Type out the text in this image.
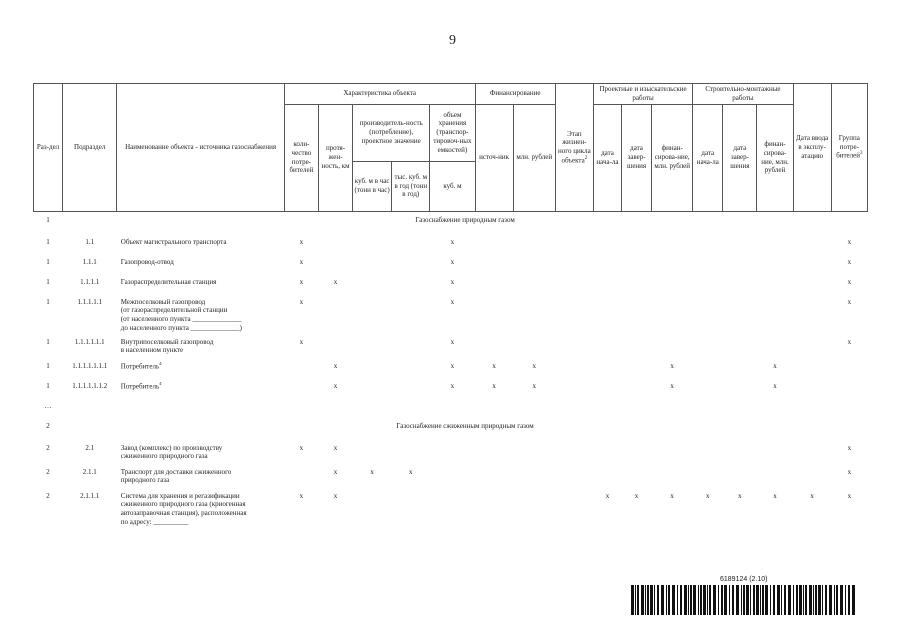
9
Раз-дел	Подраздел	Наименование объекта - источника газоснабжения	Характеристика объекта					Финансирование		Этап жизнен-ного цикла объекта$^2$	Проектные и изыскательские работы			Строительно-монтажные работы			Дата ввода в эксплу-атацию	Группа потре-бителей$^3$
			коли-чество потре-бителей	протя-жен-ность, км	производитель-ность (потребление), проектное значение		объем хранения (транспор-тировоч-ных емкостей)	источ-ник	млн. рублей		дата нача-ла	дата завер-шения	финан-сирова-ние, млн. рублей	дата нача-ла	дата завер-шения	финан-сирова-ние, млн. рублей		

					куб. м в час (тонн в час)	тыс. куб. м в год (тонн в год)	куб. м											

1	Газоснабжение природным газом																	
1	1.1	Объект магистрального транспорта	x				x											x
1	1.1.1	Газопровод-отвод	x				x											x
1	1.1.1.1	Газораспределительная станция	x	x			x											x
1	1.1.1.1.1	Межпоселковый газопровод
(от газораспределительной станции
(от населенного пункта ______________
до населенного пункта ______________)	x				x											x
1	1.1.1.1.1.1	Внутрипоселковый газопровод
в населенном пункте	x				x											x
1	1.1.1.1.1.1.1	Потребитель$^4$		x			x	x	x				x			x		
1	1.1.1.1.1.1.2	Потребитель$^4$		x			x	x	x				x			x		
…																		
2	Газоснабжение сжиженным природным газом																	
2	2.1	Завод (комплекс) по производству
сжиженного природного газа	x	x														x
2	2.1.1	Транспорт для доставки сжиженного
природного газа		x	x	x												x
2	2.1.1.1	Система для хранения и регазификации
сжиженного природного газа (криогенная
автозаправочная станция), расположенная
по адресу: __________	x	x							x	x	x	x	x	x	x	x
6189124 (2.10)
